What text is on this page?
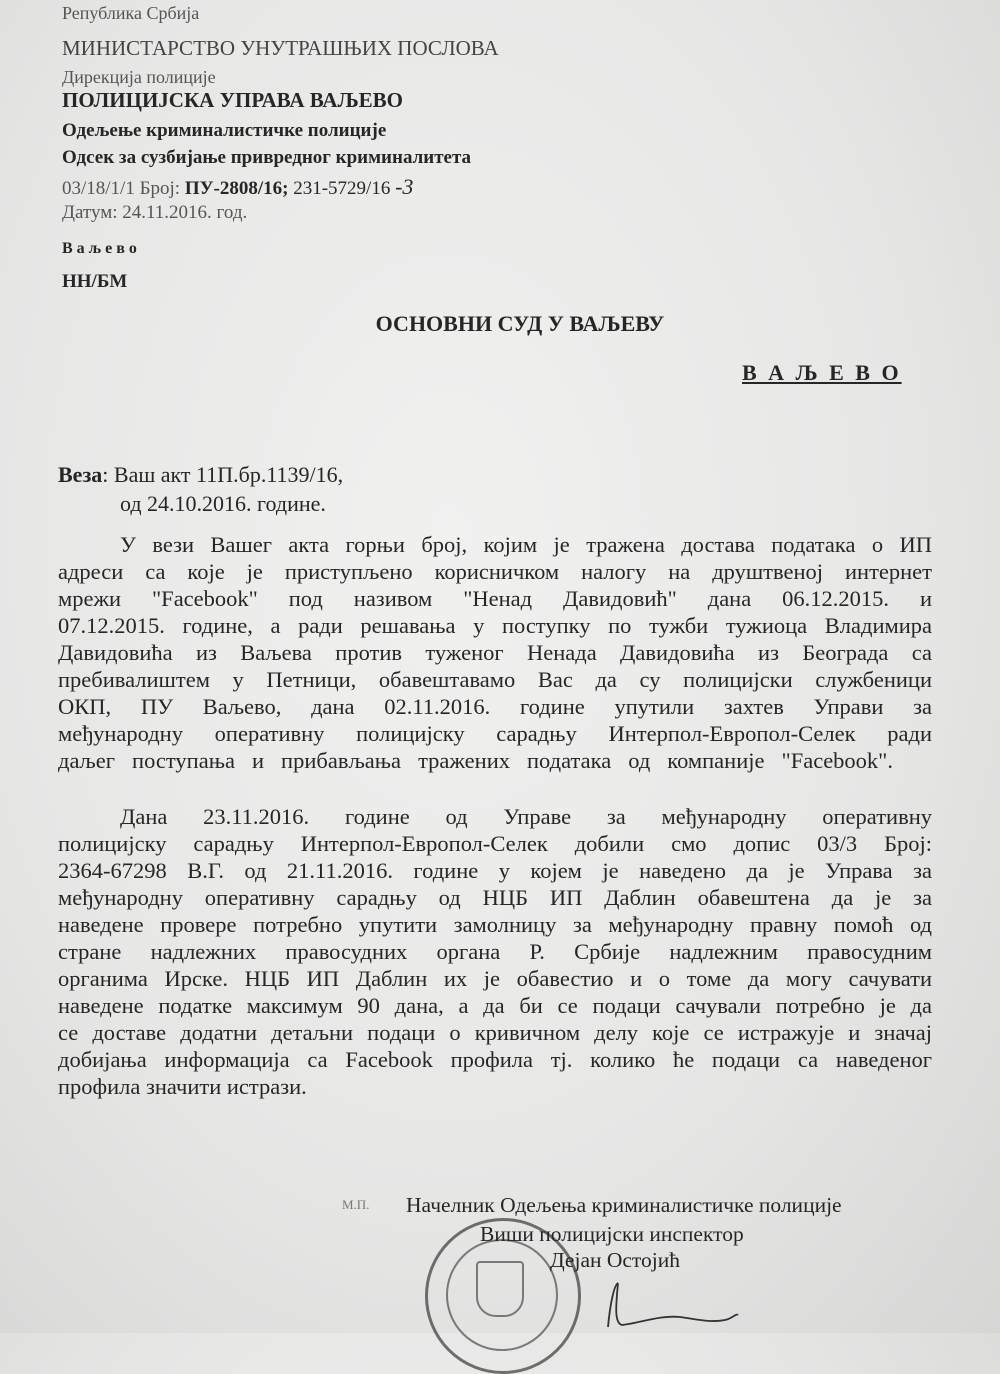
Република Србија
МИНИСТАРСТВО УНУТРАШЊИХ ПОСЛОВА
Дирекција полиције
ПОЛИЦИЈСКА УПРАВА ВАЉЕВО
Одељење криминалистичке полиције
Одсек за сузбијање привредног криминалитета
03/18/1/1 Број: ПУ-2808/16; 231-5729/16 -3
Датум: 24.11.2016. год.
В а љ е в о
НН/БМ
ОСНОВНИ СУД У ВАЉЕВУ
В А Љ Е В О
Веза: Ваш акт 11П.бр.1139/16,
од 24.10.2016. године.
У вези Вашег акта горњи број, којим је тражена достава података о ИП
адреси са које је приступљено корисничком налогу на друштвеној интернет
мрежи "Facebook" под називом "Ненад Давидовић" дана 06.12.2015. и
07.12.2015. године, а ради решавања у поступку по тужби тужиоца Владимира
Давидовића из Ваљева против туженог Ненада Давидовића из Београда са
пребивалиштем у Петници, обавештавамо Вас да су полицијски службеници
ОКП, ПУ Ваљево, дана 02.11.2016. године упутили захтев Управи за
међународну оперативну полицијску сарадњу Интерпол-Европол-Селек ради
даљег поступања и прибављања тражених података од компаније "Facebook".
Дана 23.11.2016. године од Управе за међународну оперативну
полицијску сарадњу Интерпол-Европол-Селек добили смо допис 03/3 Број:
2364-67298 В.Г. од 21.11.2016. године у којем је наведено да је Управа за
међународну оперативну сарадњу од НЦБ ИП Даблин обавештена да је за
наведене провере потребно упутити замолницу за међународну правну помоћ од
стране надлежних правосудних органа Р. Србије надлежним правосудним
органима Ирске. НЦБ ИП Даблин их је обавестио и о томе да могу сачувати
наведене податке максимум 90 дана, а да би се подаци сачували потребно је да
се доставе додатни детаљни подаци о кривичном делу које се истражује и значај
добијања информација са Facebook профила тј. колико ће подаци са наведеног
профила значити истрази.
М.П. Начелник Одељења криминалистичке полиције
Виши полицијски инспектор
Дејан Остојић
